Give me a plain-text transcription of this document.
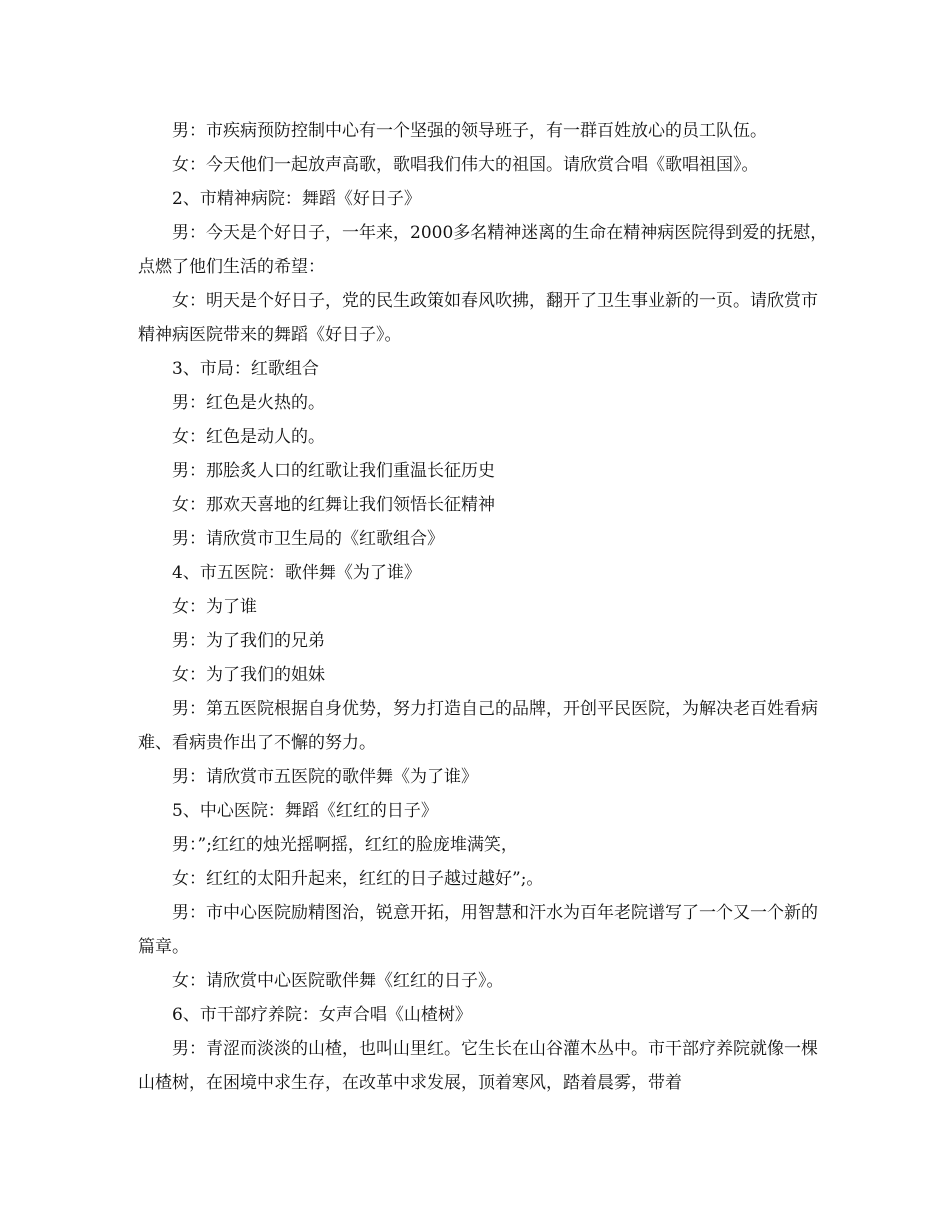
男：市疾病预防控制中心有一个坚强的领导班子，有一群百姓放心的员工队伍。

女：今天他们一起放声高歌，歌唱我们伟大的祖国。请欣赏合唱《歌唱祖国》。

2、市精神病院：舞蹈《好日子》

男：今天是个好日子，一年来，2000多名精神迷离的生命在精神病医院得到爱的抚慰，点燃了他们生活的希望：

女：明天是个好日子，党的民生政策如春风吹拂，翻开了卫生事业新的一页。请欣赏市精神病医院带来的舞蹈《好日子》。

3、市局：红歌组合

男：红色是火热的。

女：红色是动人的。

男：那脍炙人口的红歌让我们重温长征历史

女：那欢天喜地的红舞让我们领悟长征精神

男：请欣赏市卫生局的《红歌组合》

4、市五医院：歌伴舞《为了谁》

女：为了谁

男：为了我们的兄弟

女：为了我们的姐妹

男：第五医院根据自身优势，努力打造自己的品牌，开创平民医院，为解决老百姓看病难、看病贵作出了不懈的努力。

男：请欣赏市五医院的歌伴舞《为了谁》

5、中心医院：舞蹈《红红的日子》

男：”;红红的烛光摇啊摇，红红的脸庞堆满笑，

女：红红的太阳升起来，红红的日子越过越好”;。

男：市中心医院励精图治，锐意开拓，用智慧和汗水为百年老院谱写了一个又一个新的篇章。

女：请欣赏中心医院歌伴舞《红红的日子》。

6、市干部疗养院：女声合唱《山楂树》

男：青涩而淡淡的山楂，也叫山里红。它生长在山谷灌木丛中。市干部疗养院就像一棵山楂树，在困境中求生存，在改革中求发展，顶着寒风，踏着晨雾，带着
